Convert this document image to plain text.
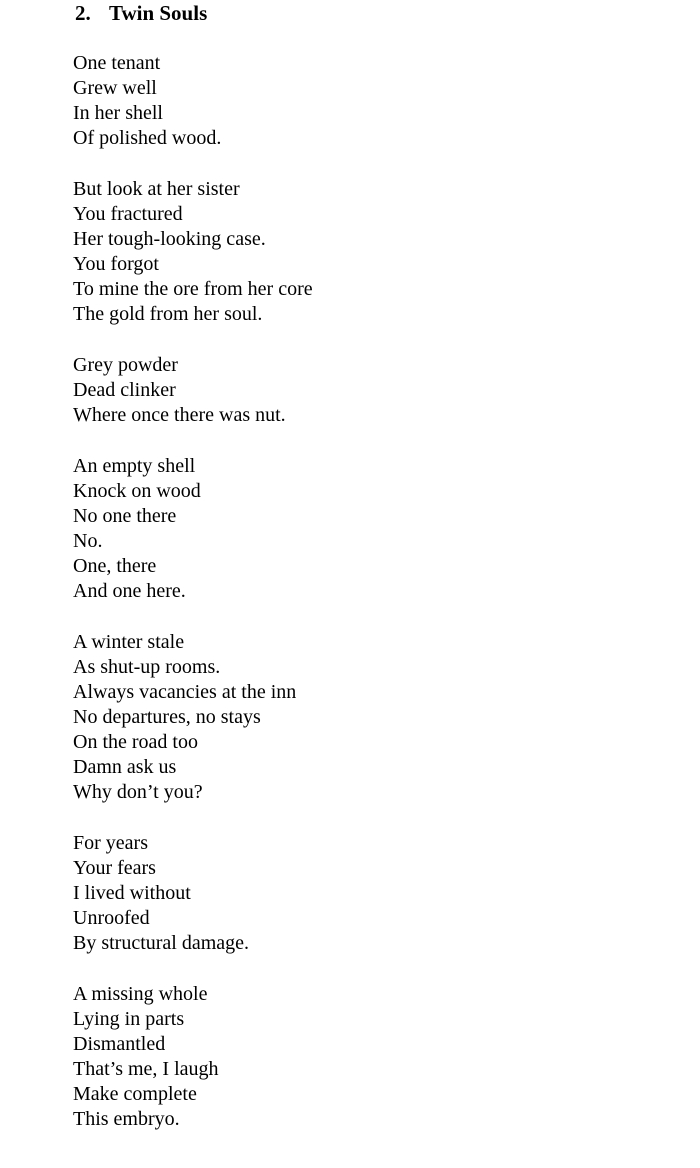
2. Twin Souls
One tenant
Grew well
In her shell
Of polished wood.
But look at her sister
You fractured
Her tough-looking case.
You forgot
To mine the ore from her core
The gold from her soul.
Grey powder
Dead clinker
Where once there was nut.
An empty shell
Knock on wood
No one there
No.
One, there
And one here.
A winter stale
As shut-up rooms.
Always vacancies at the inn
No departures, no stays
On the road too
Damn ask us
Why don’t you?
For years
Your fears
I lived without
Unroofed
By structural damage.
A missing whole
Lying in parts
Dismantled
That’s me, I laugh
Make complete
This embryo.
